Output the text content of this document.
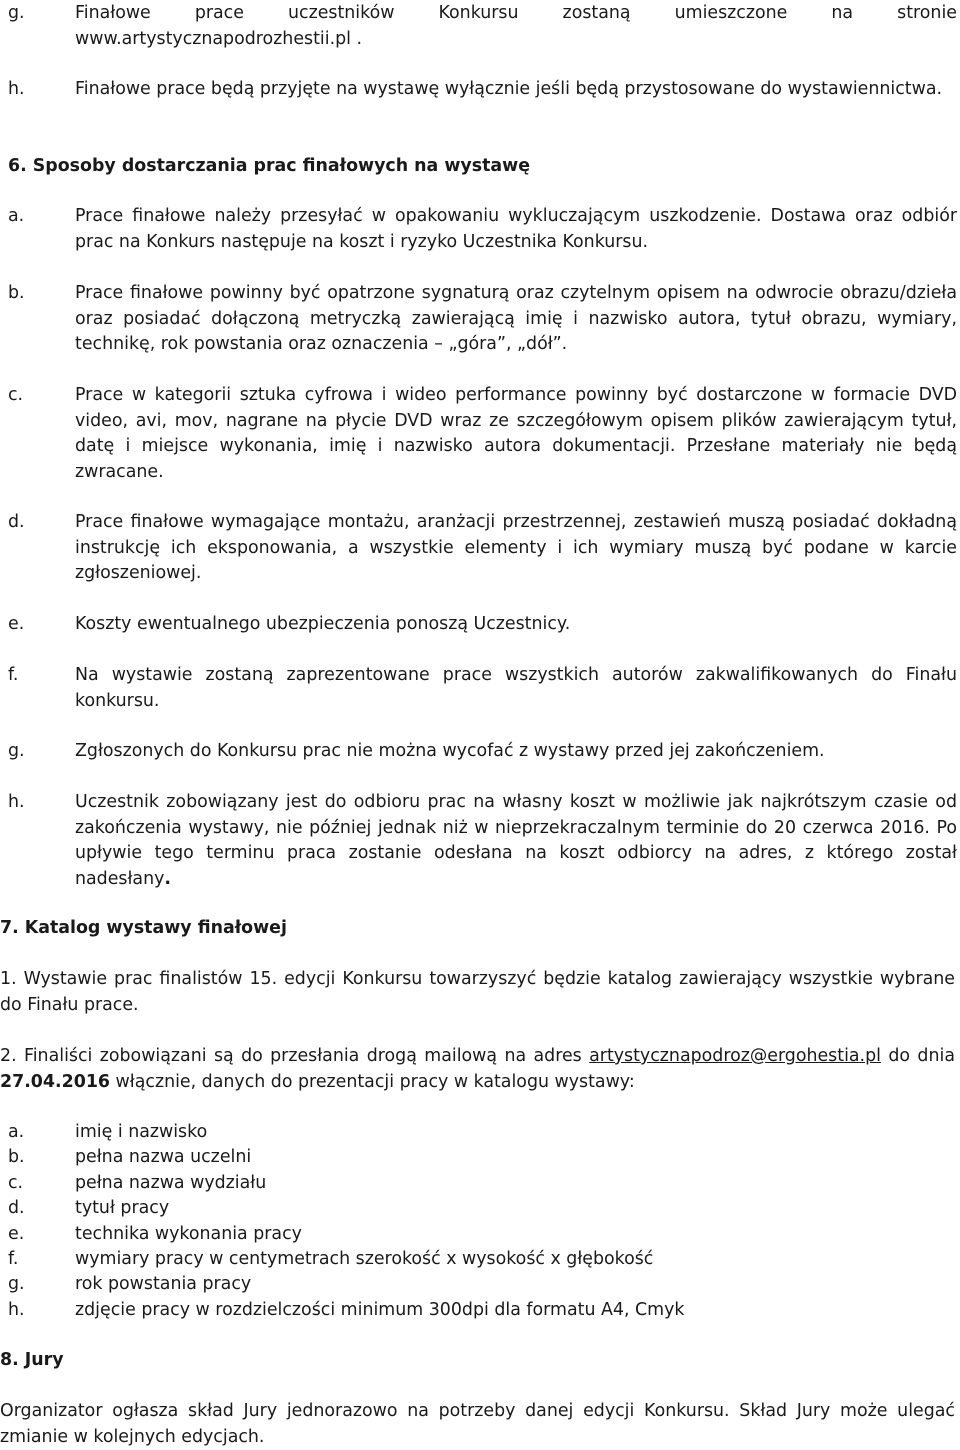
g.	Finałowe prace uczestników Konkursu zostaną umieszczone na stronie www.artystycznapodrozhestii.pl .
h.	Finałowe prace będą przyjęte na wystawę wyłącznie jeśli będą przystosowane do wystawiennictwa.
6. Sposoby dostarczania prac finałowych na wystawę
a.	Prace finałowe należy przesyłać w opakowaniu wykluczającym uszkodzenie. Dostawa oraz odbiór prac na Konkurs następuje na koszt i ryzyko Uczestnika Konkursu.
b.	Prace finałowe powinny być opatrzone sygnaturą oraz czytelnym opisem na odwrocie obrazu/dzieła oraz posiadać dołączoną metryczką zawierającą imię i nazwisko autora, tytuł obrazu, wymiary, technikę, rok powstania oraz oznaczenia – „góra”, „dół”.
c.	Prace w kategorii sztuka cyfrowa i wideo performance powinny być dostarczone w formacie DVD video, avi, mov, nagrane na płycie DVD wraz ze szczegółowym opisem plików zawierającym tytuł, datę i miejsce wykonania, imię i nazwisko autora dokumentacji. Przesłane materiały nie będą zwracane.
d.	Prace finałowe wymagające montażu, aranżacji przestrzennej, zestawień muszą posiadać dokładną instrukcję ich eksponowania, a wszystkie elementy i ich wymiary muszą być podane w karcie zgłoszeniowej.
e.	Koszty ewentualnego ubezpieczenia ponoszą Uczestnicy.
f.	Na wystawie zostaną zaprezentowane prace wszystkich autorów zakwalifikowanych do Finału konkursu.
g.	Zgłoszonych do Konkursu prac nie można wycofać z wystawy przed jej zakończeniem.
h.	Uczestnik zobowiązany jest do odbioru prac na własny koszt w możliwie jak najkrótszym czasie od zakończenia wystawy, nie później jednak niż w nieprzekraczalnym terminie do 20 czerwca 2016. Po upływie tego terminu praca zostanie odesłana na koszt odbiorcy na adres, z którego został nadesłany.
7. Katalog wystawy finałowej
1. Wystawie prac finalistów 15. edycji Konkursu towarzyszyć będzie katalog zawierający wszystkie wybrane do Finału prace.
2. Finaliści zobowiązani są do przesłania drogą mailową na adres artystycznapodroz@ergohestia.pl do dnia 27.04.2016 włącznie, danych do prezentacji pracy w katalogu wystawy:
a.	imię i nazwisko
b.	pełna nazwa uczelni
c.	pełna nazwa wydziału
d.	tytuł pracy
e.	technika wykonania pracy
f.	wymiary pracy w centymetrach szerokość x wysokość x głębokość
g.	rok powstania pracy
h.	zdjęcie pracy w rozdzielczości minimum 300dpi dla formatu A4, Cmyk
8. Jury
Organizator ogłasza skład Jury jednorazowo na potrzeby danej edycji Konkursu. Skład Jury może ulegać zmianie w kolejnych edycjach.
